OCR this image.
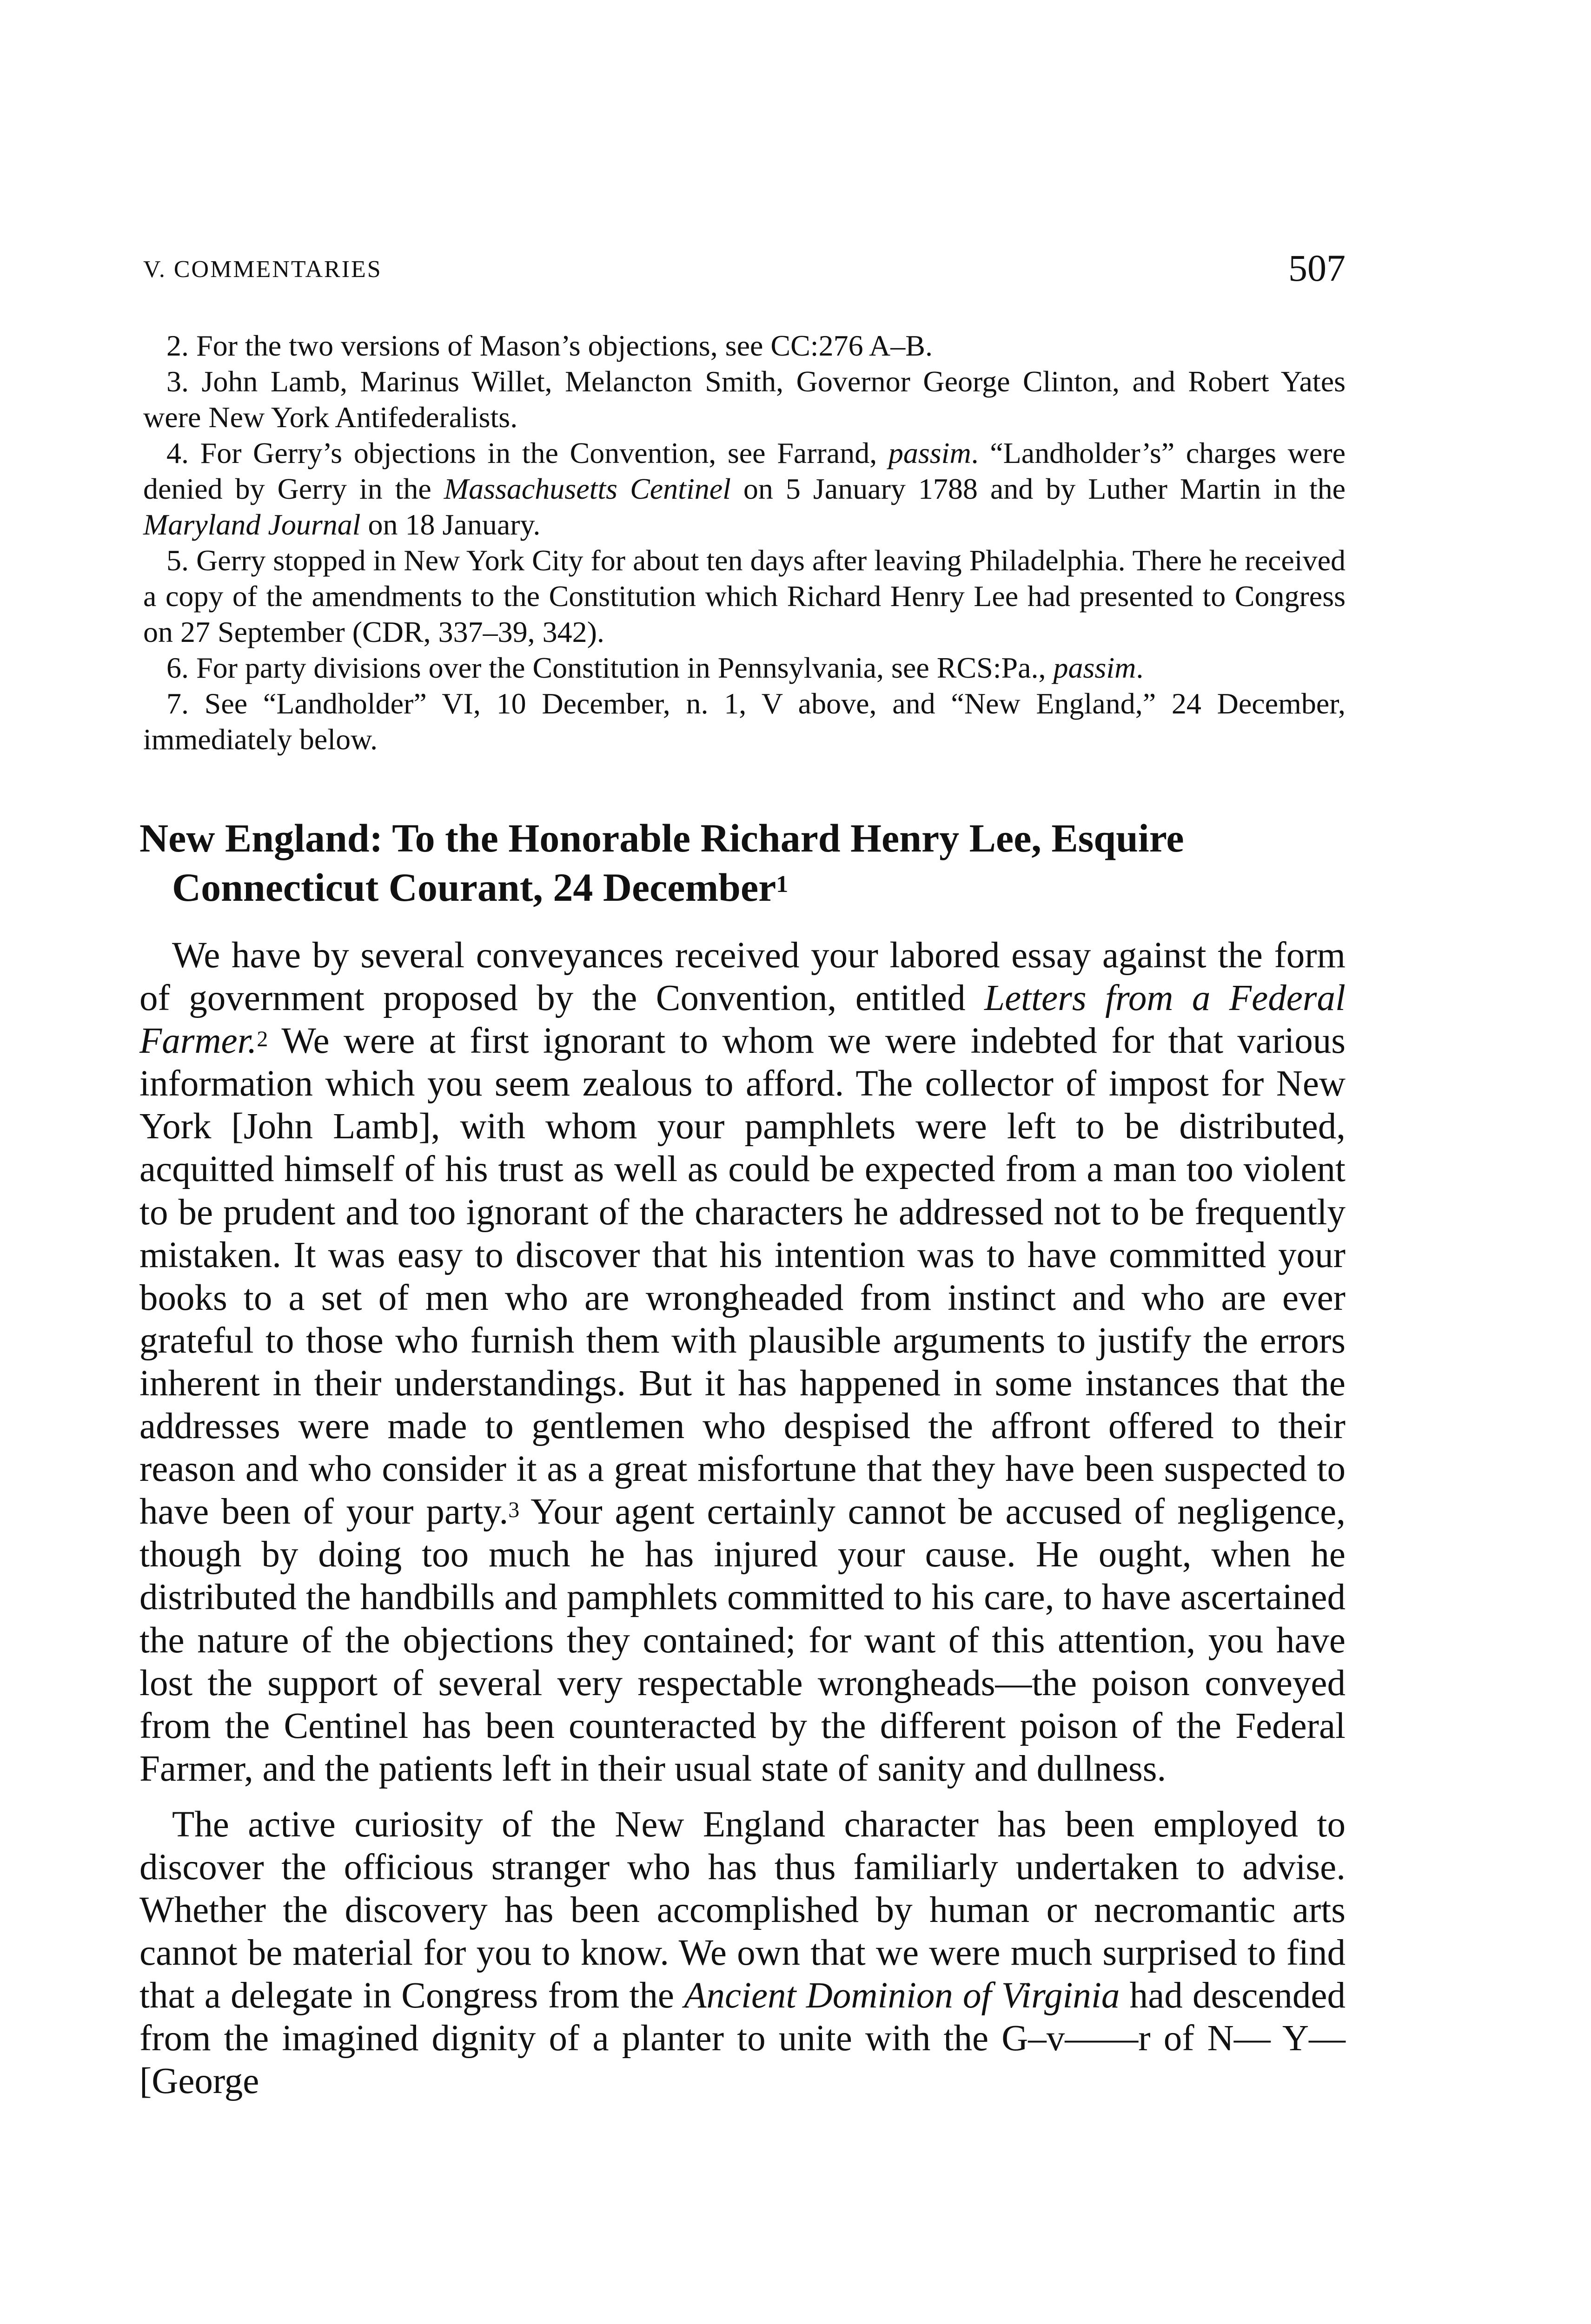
V. COMMENTARIES	507
2. For the two versions of Mason’s objections, see CC:276 A–B.
3. John Lamb, Marinus Willet, Melancton Smith, Governor George Clinton, and Robert Yates were New York Antifederalists.
4. For Gerry’s objections in the Convention, see Farrand, passim. “Landholder’s” charges were denied by Gerry in the Massachusetts Centinel on 5 January 1788 and by Luther Martin in the Maryland Journal on 18 January.
5. Gerry stopped in New York City for about ten days after leaving Philadelphia. There he received a copy of the amendments to the Constitution which Richard Henry Lee had presented to Congress on 27 September (CDR, 337–39, 342).
6. For party divisions over the Constitution in Pennsylvania, see RCS:Pa., passim.
7. See “Landholder” VI, 10 December, n. 1, V above, and “New England,” 24 December, immediately below.
New England: To the Honorable Richard Henry Lee, Esquire
Connecticut Courant, 24 December$^1$
We have by several conveyances received your labored essay against the form of government proposed by the Convention, entitled Letters from a Federal Farmer.$^2$ We were at first ignorant to whom we were indebted for that various information which you seem zealous to afford. The collector of impost for New York [John Lamb], with whom your pamphlets were left to be distributed, acquitted himself of his trust as well as could be expected from a man too violent to be prudent and too ignorant of the characters he addressed not to be frequently mistaken. It was easy to discover that his intention was to have committed your books to a set of men who are wrongheaded from instinct and who are ever grateful to those who furnish them with plausible arguments to justify the errors inherent in their understandings. But it has happened in some instances that the addresses were made to gentlemen who despised the affront offered to their reason and who consider it as a great misfortune that they have been suspected to have been of your party.$^3$ Your agent certainly cannot be accused of negligence, though by doing too much he has injured your cause. He ought, when he distributed the handbills and pamphlets committed to his care, to have ascertained the nature of the objections they contained; for want of this attention, you have lost the support of several very respectable wrongheads—the poison conveyed from the Centinel has been counteracted by the different poison of the Federal Farmer, and the patients left in their usual state of sanity and dullness.
The active curiosity of the New England character has been employed to discover the officious stranger who has thus familiarly undertaken to advise. Whether the discovery has been accomplished by human or necromantic arts cannot be material for you to know. We own that we were much surprised to find that a delegate in Congress from the Ancient Dominion of Virginia had descended from the imagined dignity of a planter to unite with the G–v——r of N— Y— [George
